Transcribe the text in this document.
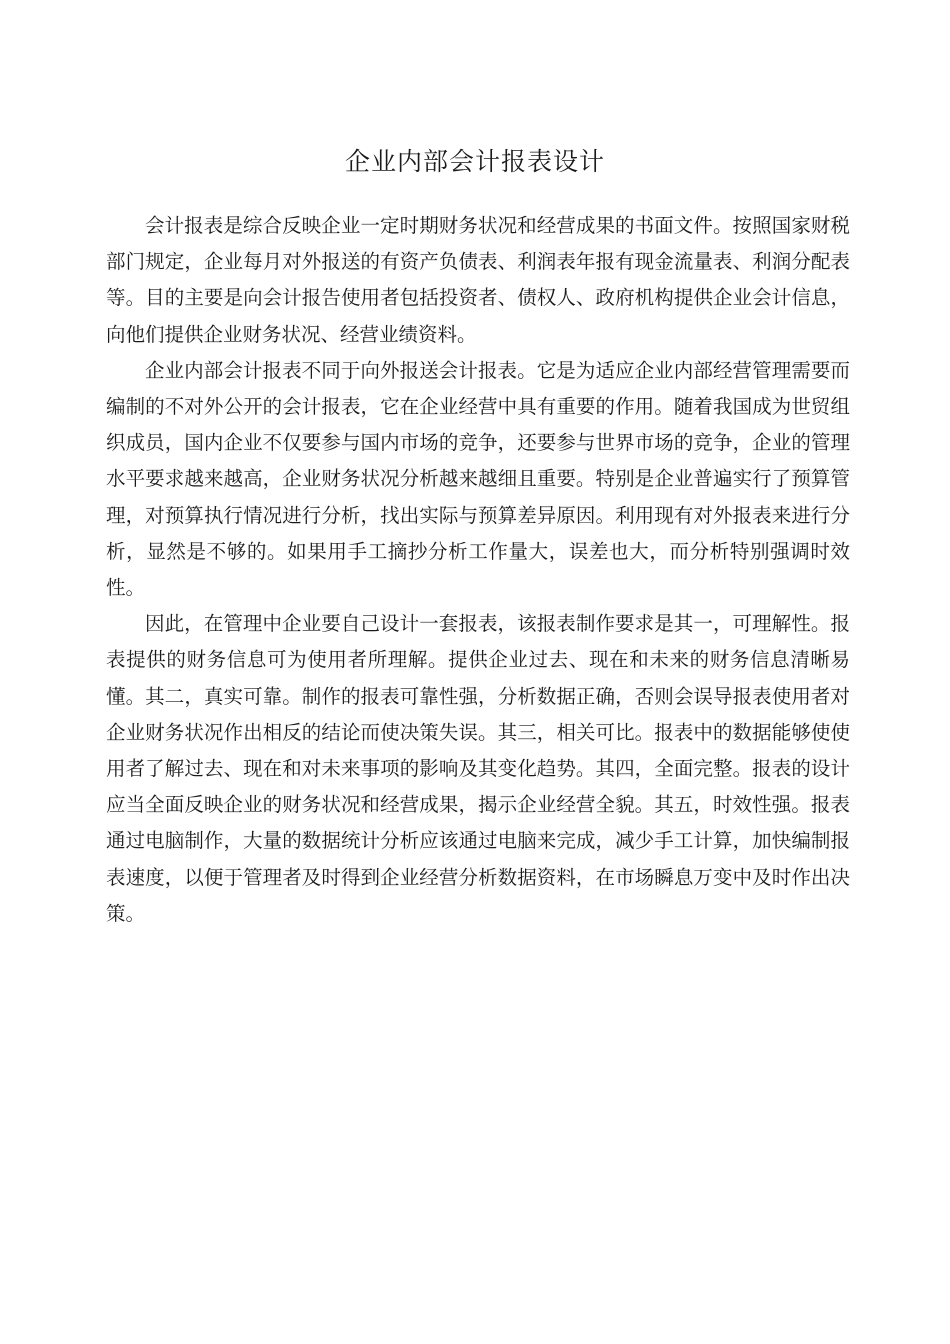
企业内部会计报表设计

会计报表是综合反映企业一定时期财务状况和经营成果的书面文件。按照国家财税部门规定，企业每月对外报送的有资产负债表、利润表年报有现金流量表、利润分配表等。目的主要是向会计报告使用者包括投资者、债权人、政府机构提供企业会计信息，向他们提供企业财务状况、经营业绩资料。

企业内部会计报表不同于向外报送会计报表。它是为适应企业内部经营管理需要而编制的不对外公开的会计报表，它在企业经营中具有重要的作用。随着我国成为世贸组织成员，国内企业不仅要参与国内市场的竞争，还要参与世界市场的竞争，企业的管理水平要求越来越高，企业财务状况分析越来越细且重要。特别是企业普遍实行了预算管理，对预算执行情况进行分析，找出实际与预算差异原因。利用现有对外报表来进行分析，显然是不够的。如果用手工摘抄分析工作量大，误差也大，而分析特别强调时效性。

因此，在管理中企业要自己设计一套报表，该报表制作要求是其一，可理解性。报表提供的财务信息可为使用者所理解。提供企业过去、现在和未来的财务信息清晰易懂。其二，真实可靠。制作的报表可靠性强，分析数据正确，否则会误导报表使用者对企业财务状况作出相反的结论而使决策失误。其三，相关可比。报表中的数据能够使使用者了解过去、现在和对未来事项的影响及其变化趋势。其四，全面完整。报表的设计应当全面反映企业的财务状况和经营成果，揭示企业经营全貌。其五，时效性强。报表通过电脑制作，大量的数据统计分析应该通过电脑来完成，减少手工计算，加快编制报表速度，以便于管理者及时得到企业经营分析数据资料，在市场瞬息万变中及时作出决策。
